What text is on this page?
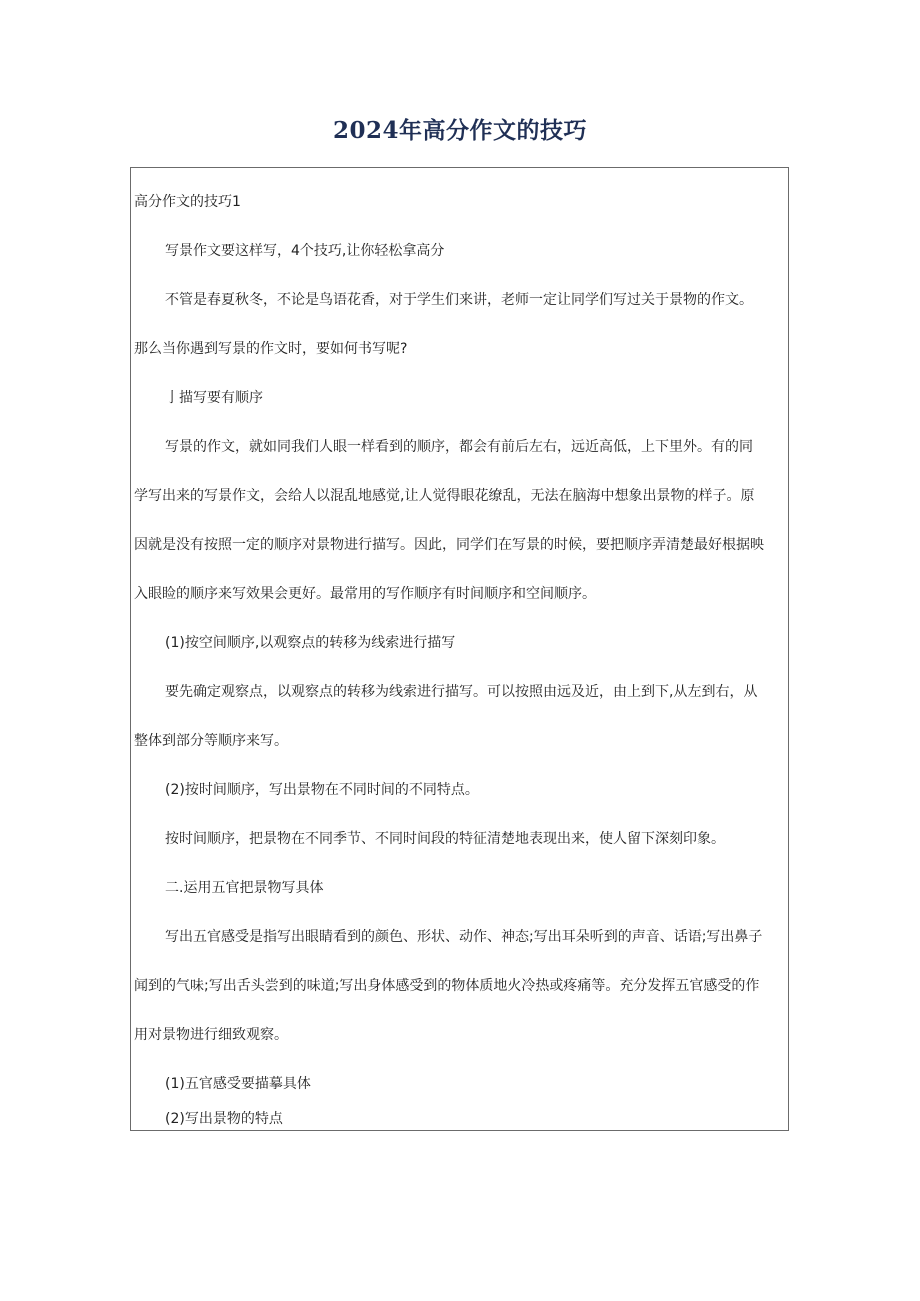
2024年高分作文的技巧
高分作文的技巧1
写景作文要这样写，4个技巧,让你轻松拿高分
不管是春夏秋冬，不论是鸟语花香，对于学生们来讲，老师一定让同学们写过关于景物的作文。
那么当你遇到写景的作文时，要如何书写呢?
亅描写要有顺序
写景的作文，就如同我们人眼一样看到的顺序，都会有前后左右，远近高低，上下里外。有的同
学写出来的写景作文，会给人以混乱地感觉,让人觉得眼花缭乱，无法在脑海中想象出景物的样子。原
因就是没有按照一定的顺序对景物进行描写。因此，同学们在写景的时候，要把顺序弄清楚最好根据映
入眼睑的顺序来写效果会更好。最常用的写作顺序有时间顺序和空间顺序。
(1)按空间顺序,以观察点的转移为线索进行描写
要先确定观察点，以观察点的转移为线索进行描写。可以按照由远及近，由上到下,从左到右，从
整体到部分等顺序来写。
(2)按时间顺序，写出景物在不同时间的不同特点。
按时间顺序，把景物在不同季节、不同时间段的特征清楚地表现出来，使人留下深刻印象。
二.运用五官把景物写具体
写出五官感受是指写出眼睛看到的颜色、形状、动作、神态;写出耳朵听到的声音、话语;写出鼻子
闻到的气味;写出舌头尝到的味道;写出身体感受到的物体质地火冷热或疼痛等。充分发挥五官感受的作
用对景物进行细致观察。
(1)五官感受要描摹具体
(2)写出景物的特点
